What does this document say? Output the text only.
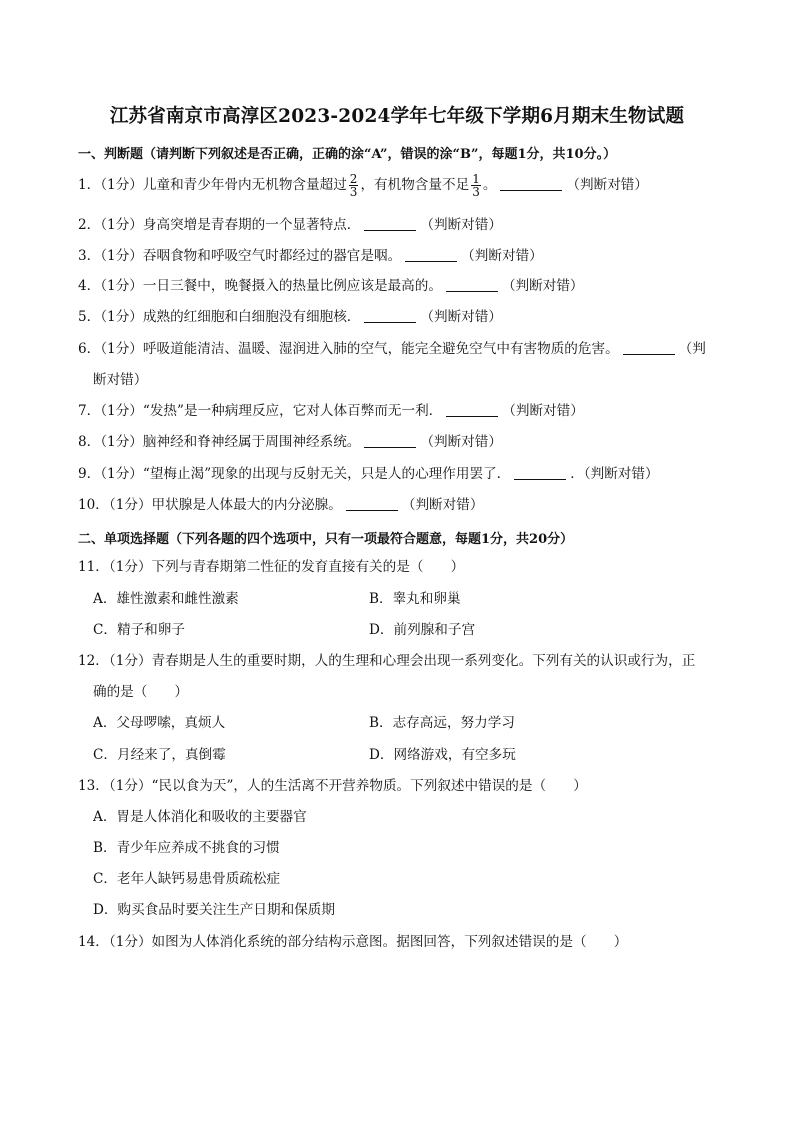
江苏省南京市高淳区2023-2024学年七年级下学期6月期末生物试题
一、判断题（请判断下列叙述是否正确，正确的涂“A”，错误的涂“B”，每题1分，共10分。）
1．（1分）儿童和青少年骨内无机物含量超过 $\frac{2}{3}$ ，有机物含量不足 $\frac{1}{3}$ 。	（判断对错）
2．（1分）身高突增是青春期的一个显著特点．	（判断对错）
3．（1分）吞咽食物和呼吸空气时都经过的器官是咽。	（判断对错）
4．（1分）一日三餐中，晚餐摄入的热量比例应该是最高的。	（判断对错）
5．（1分）成熟的红细胞和白细胞没有细胞核．	（判断对错）
6．（1分）呼吸道能清洁、温暖、湿润进入肺的空气，能完全避免空气中有害物质的危害。	（判
断对错）
7．（1分）“发热”是一种病理反应，它对人体百弊而无一利．	（判断对错）
8．（1分）脑神经和脊神经属于周围神经系统。	（判断对错）
9．（1分）“望梅止渴”现象的出现与反射无关，只是人的心理作用罢了．	．（判断对错）
10．（1分）甲状腺是人体最大的内分泌腺。	（判断对错）
二、单项选择题（下列各题的四个选项中，只有一项最符合题意，每题1分，共20分）
11．（1分）下列与青春期第二性征的发育直接有关的是（　　）
A．雄性激素和雌性激素	B．睾丸和卵巢
C．精子和卵子	D．前列腺和子宫
12．（1分）青春期是人生的重要时期，人的生理和心理会出现一系列变化。下列有关的认识或行为，正
确的是（　　）
A．父母啰嗦，真烦人	B．志存高远，努力学习
C．月经来了，真倒霉	D．网络游戏，有空多玩
13．（1分）“民以食为天”，人的生活离不开营养物质。下列叙述中错误的是（　　）
A．胃是人体消化和吸收的主要器官
B．青少年应养成不挑食的习惯
C．老年人缺钙易患骨质疏松症
D．购买食品时要关注生产日期和保质期
14．（1分）如图为人体消化系统的部分结构示意图。据图回答，下列叙述错误的是（　　）
